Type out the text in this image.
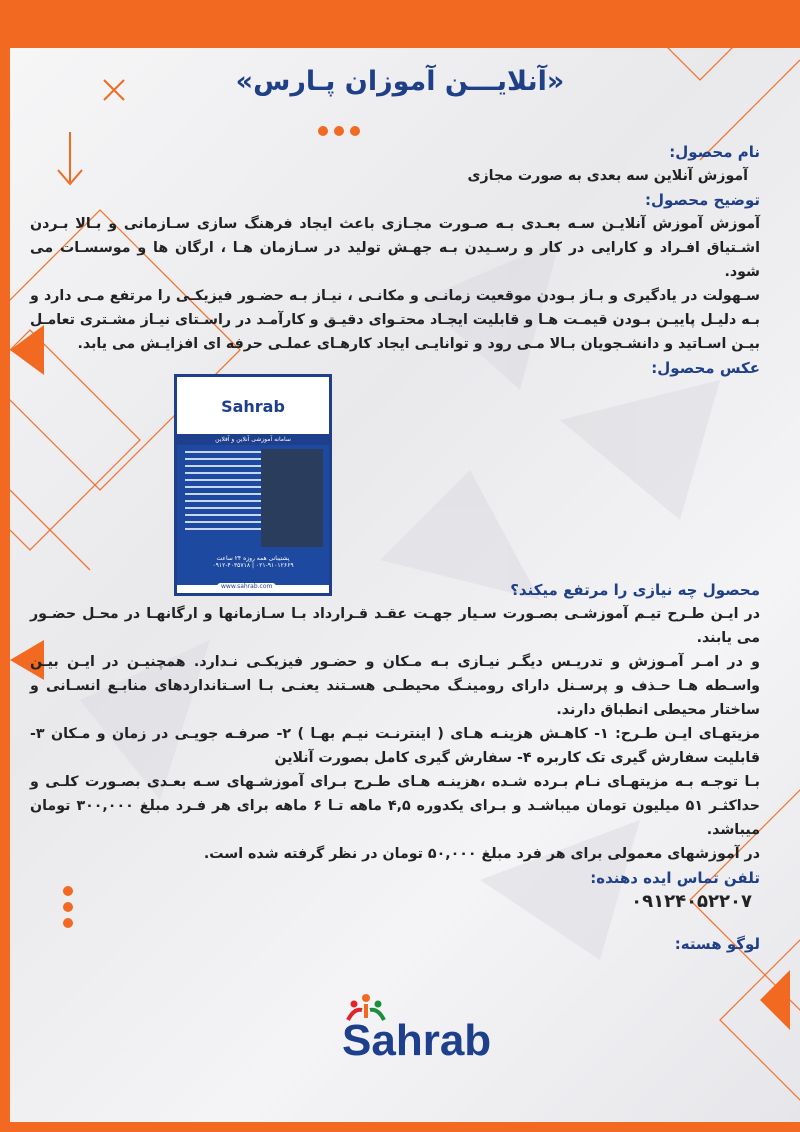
«آنلایـــن آموزان پـارس»
نام محصول:

آموزش آنلاین سه بعدی به صورت مجازی

توضیح محصول:

آموزش آموزش آنلایـن سـه بعـدی بـه صـورت مجـازی باعث ایجاد فرهنگ سازی سـازمانی و بـالا بـردن اشـتیاق افـراد و کارایی در کار و رسـیدن بـه جهـش تولید در سـازمان هـا ، ارگان ها و موسسـات می شود.

سـهولت در یادگیری و بـاز بـودن موقعیت زمانـی و مکانـی ، نیـاز بـه حضـور فیزیکـی را مرتفع مـی دارد و بـه دلیـل پاییـن بـودن قیمـت هـا و قابلیت ایجـاد محتـوای دقیـق و کارآمـد در راسـتای نیـاز مشـتری تعامـل بیـن اسـاتید و دانشـجویان بـالا مـی رود و توانایـی ایجاد کارهـای عملـی حرفه ای افزایـش می یابد.

عکس محصول:
محصول چه نیازی را مرتفع میکند؟

در ایـن طـرح تیـم آموزشـی بصـورت سـیار جهـت عقـد قـرارداد بـا سـازمانها و ارگانهـا در محـل حضـور می یابند.

و در امـر آمـوزش و تدریـس دیگـر نیـازی بـه مـکان و حضـور فیزیکـی نـدارد. همچنیـن در ایـن بیـن واسـطه هـا حـذف و پرسـنل دارای رومینـگ محیطـی هسـتند یعنـی بـا اسـتانداردهای منابـع انسـانی و ساختار محیطی انطباق دارند.

مزیتهـای ایـن طـرح: ۱- کاهـش هزینـه هـای ( اینترنـت نیـم بهـا ) ۲- صرفـه جویـی در زمان و مـکان ۳- قابلیت سفارش گیری تک کاربره ۴- سفارش گیری کامل بصورت آنلاین

بـا توجـه بـه مزیتهـای نـام بـرده شـده ،هزینـه هـای طـرح بـرای آموزشـهای سـه بعـدی بصـورت کلـی و حداکثـر ۵۱ میلیون تومان میباشـد و بـرای یکدوره ۴,۵ ماهه تـا ۶ ماهه برای هر فـرد مبلغ ۳۰۰,۰۰۰ تومان میباشد.

در آموزشهای معمولی برای هر فرد مبلغ ۵۰,۰۰۰ تومان در نظر گرفته شده است.

تلفن تماس ایده دهنده:
۰۹۱۲۴۰۵۲۲۰۷
لوگو هسته:
Sahrab
سامانه آموزشی آنلاین و آفلاین
پشتیبانی همه روزه ۲۴ ساعت
۰۲۱-۹۱۰۱۲۶۶۹ | ۰۹۱۲-۴۰۳۵۷۱۸
www.sahrab.com
Sahrab
